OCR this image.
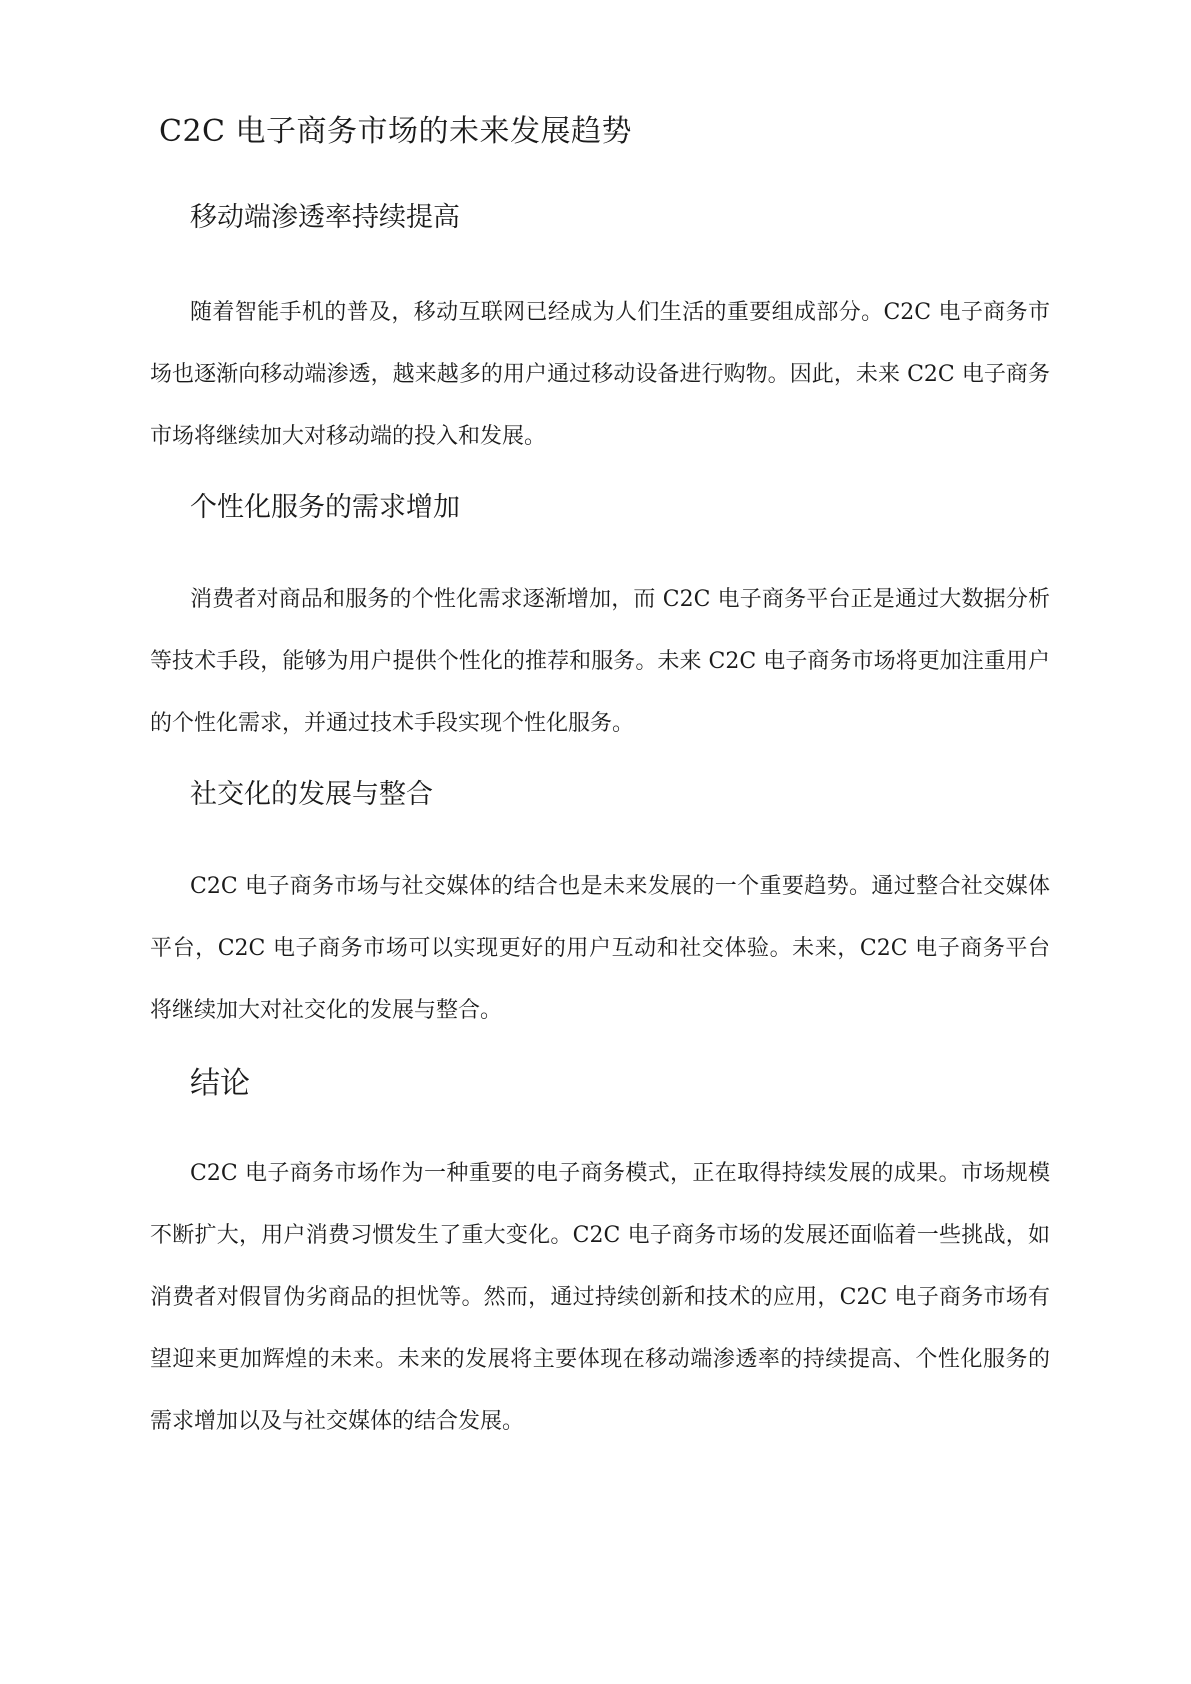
C2C 电子商务市场的未来发展趋势
移动端渗透率持续提高

随着智能手机的普及，移动互联网已经成为人们生活的重要组成部分。C2C 电子商务市场也逐渐向移动端渗透，越来越多的用户通过移动设备进行购物。因此，未来 C2C 电子商务市场将继续加大对移动端的投入和发展。

个性化服务的需求增加

消费者对商品和服务的个性化需求逐渐增加，而 C2C 电子商务平台正是通过大数据分析等技术手段，能够为用户提供个性化的推荐和服务。未来 C2C 电子商务市场将更加注重用户的个性化需求，并通过技术手段实现个性化服务。

社交化的发展与整合

C2C 电子商务市场与社交媒体的结合也是未来发展的一个重要趋势。通过整合社交媒体平台，C2C 电子商务市场可以实现更好的用户互动和社交体验。未来，C2C 电子商务平台将继续加大对社交化的发展与整合。

结论

C2C 电子商务市场作为一种重要的电子商务模式，正在取得持续发展的成果。市场规模不断扩大，用户消费习惯发生了重大变化。C2C 电子商务市场的发展还面临着一些挑战，如消费者对假冒伪劣商品的担忧等。然而，通过持续创新和技术的应用，C2C 电子商务市场有望迎来更加辉煌的未来。未来的发展将主要体现在移动端渗透率的持续提高、个性化服务的需求增加以及与社交媒体的结合发展。
